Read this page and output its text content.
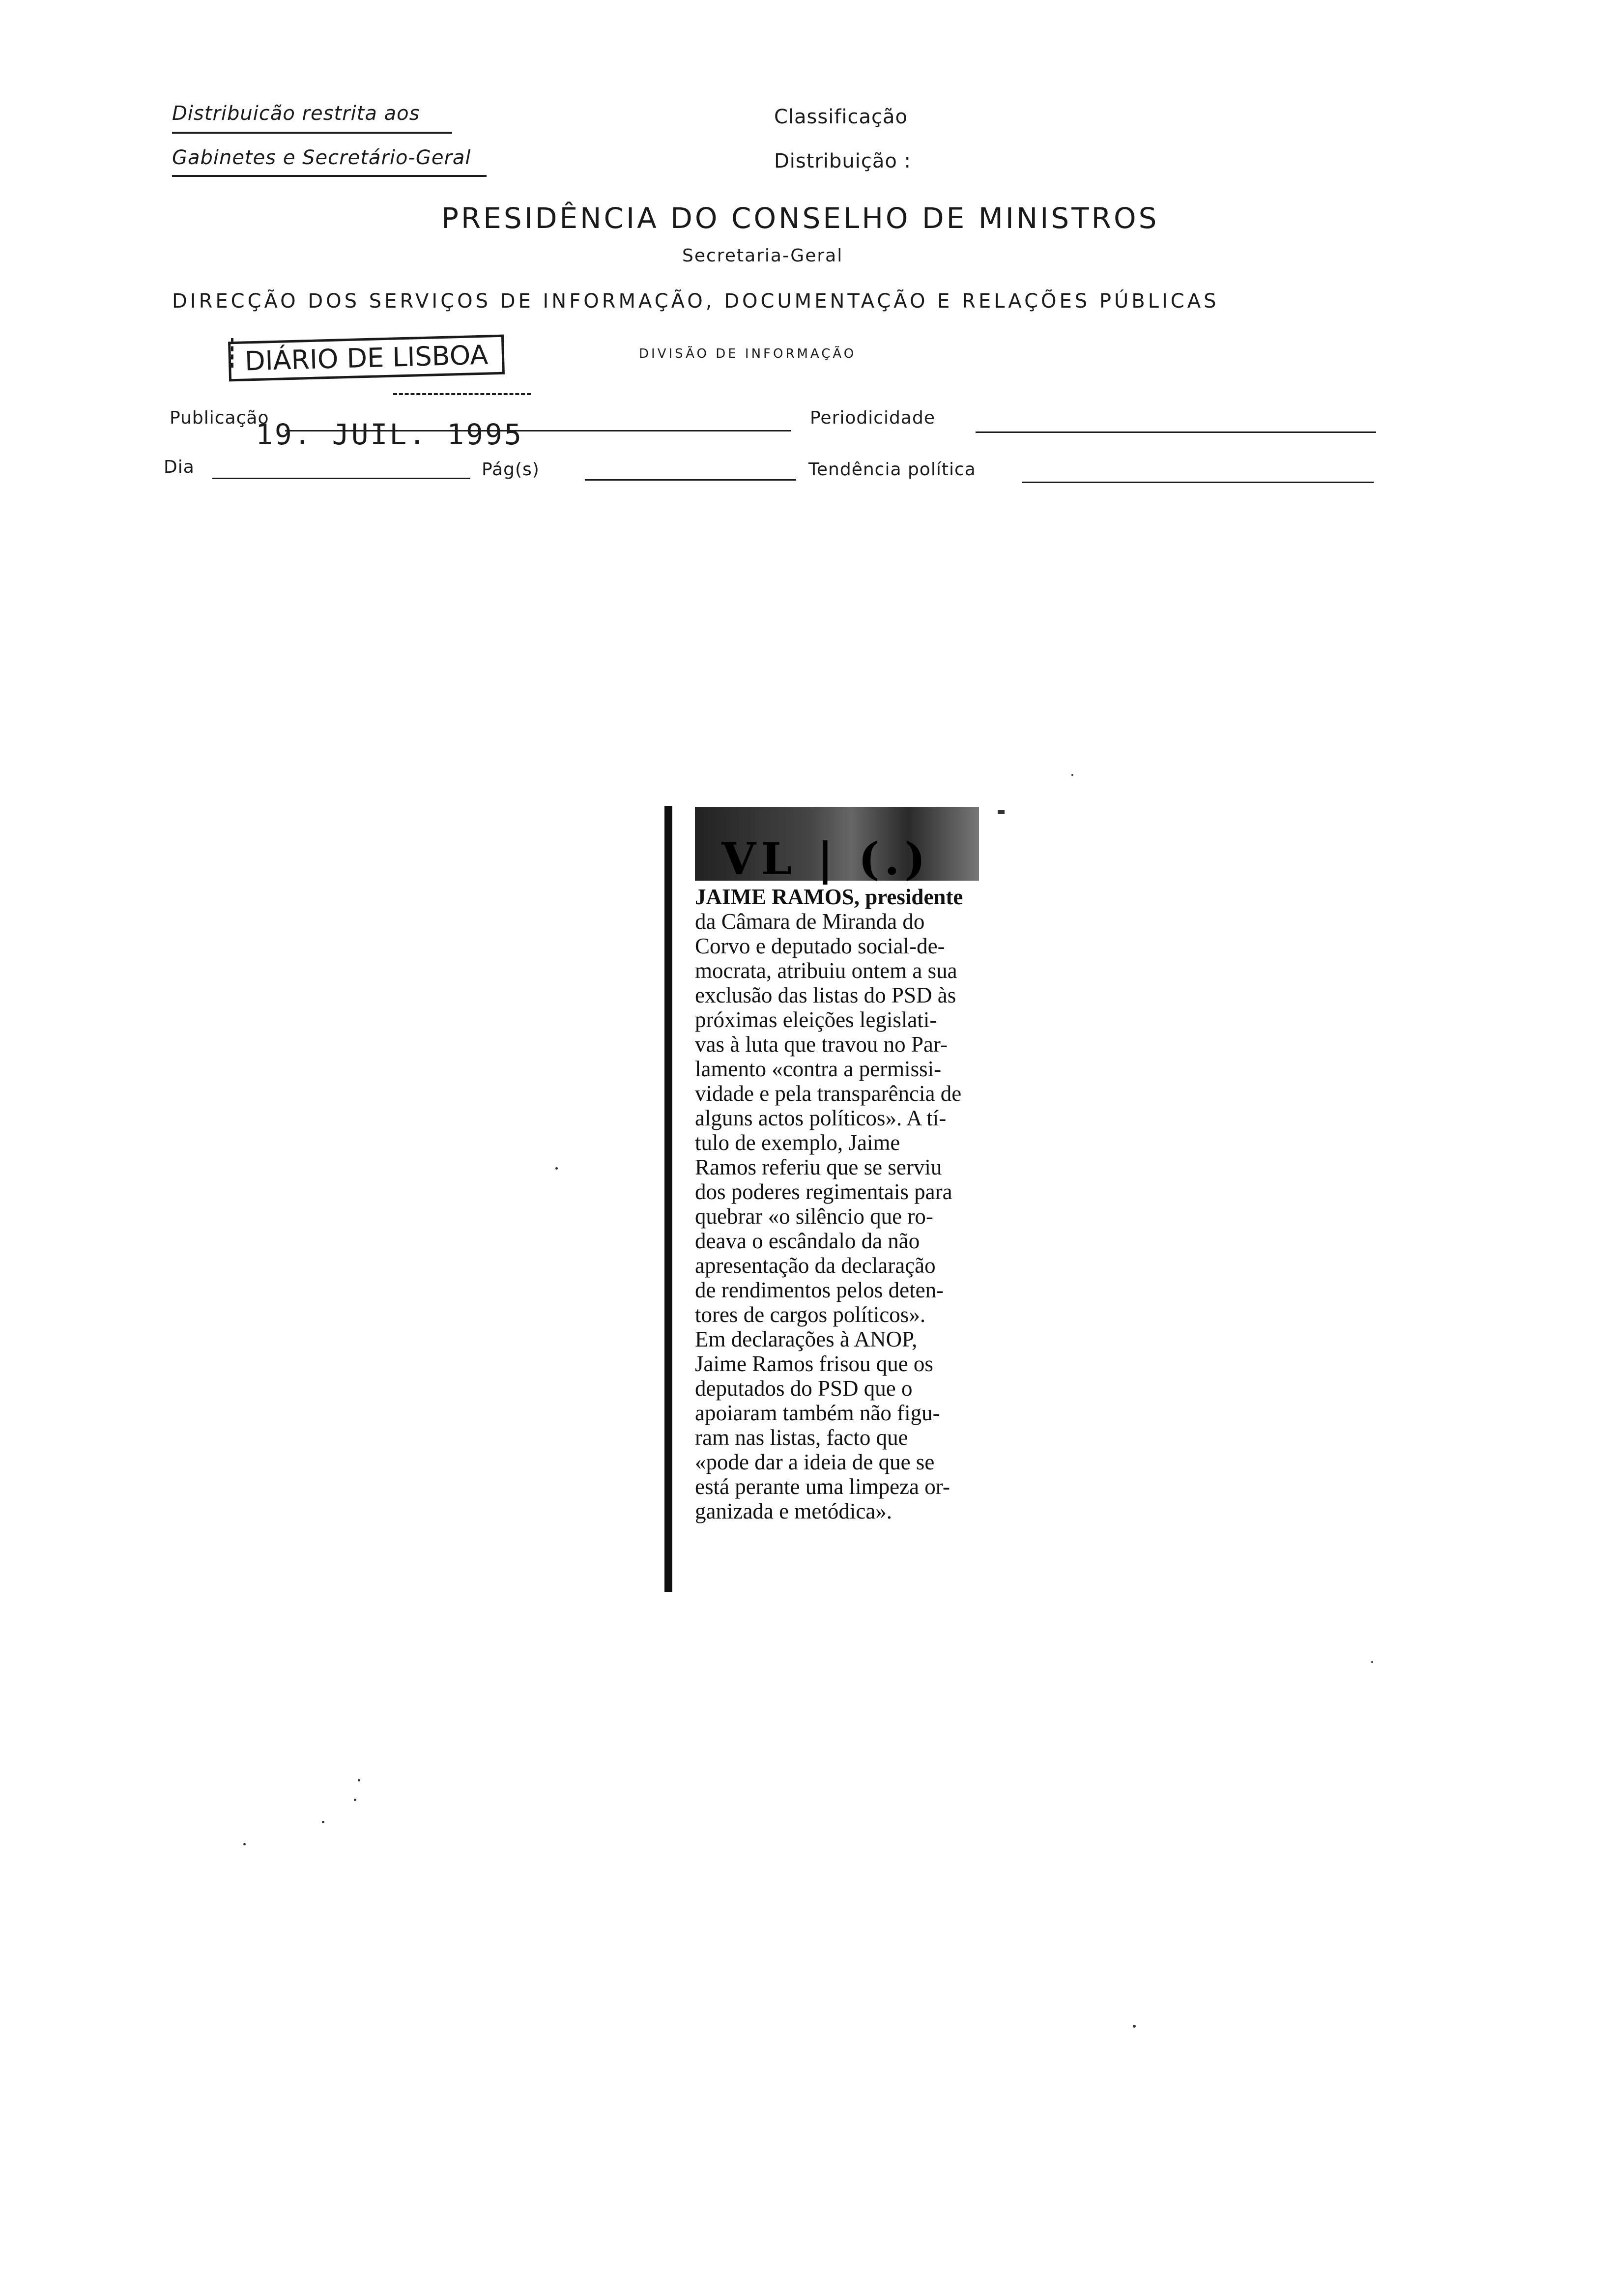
Distribuicão restrita aos
Gabinetes e Secretário-Geral
Classificação
Distribuição :
PRESIDÊNCIA DO CONSELHO DE MINISTROS
Secretaria-Geral
DIRECÇÃO DOS SERVIÇOS DE INFORMAÇÃO, DOCUMENTAÇÃO E RELAÇÕES PÚBLICAS
DIÁRIO DE LISBOA	DIVISÃO DE INFORMAÇÃO
Publicação
19. JUIL. 1995	Periodicidade
Dia	Pág(s)	Tendência política
VL | (.)
JAIME RAMOS, presidente
da Câmara de Miranda do
Corvo e deputado social-de-
mocrata, atribuiu ontem a sua
exclusão das listas do PSD às
próximas eleições legislati-
vas à luta que travou no Par-
lamento «contra a permissi-
vidade e pela transparência de
alguns actos políticos». A tí-
tulo de exemplo, Jaime
Ramos referiu que se serviu
dos poderes regimentais para
quebrar «o silêncio que ro-
deava o escândalo da não
apresentação da declaração
de rendimentos pelos deten-
tores de cargos políticos».
Em declarações à ANOP,
Jaime Ramos frisou que os
deputados do PSD que o
apoiaram também não figu-
ram nas listas, facto que
«pode dar a ideia de que se
está perante uma limpeza or-
ganizada e metódica».
